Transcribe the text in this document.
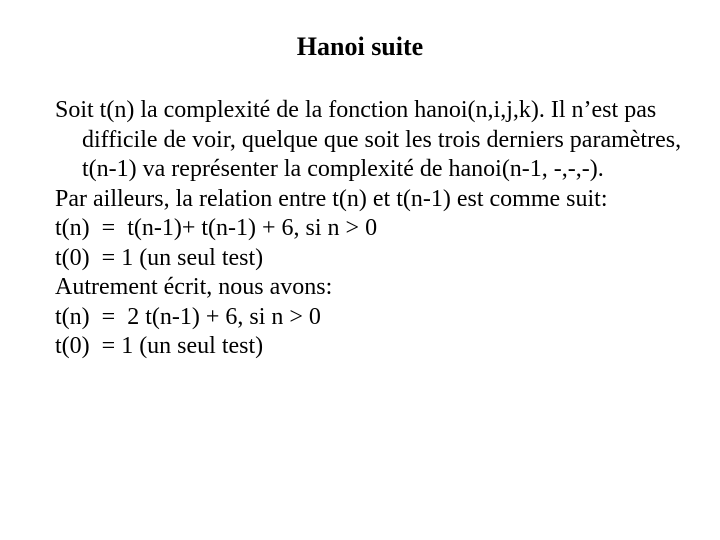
Hanoi suite

Soit t(n) la complexité de la fonction hanoi(n,i,j,k). Il n’est pas difficile de voir, quelque que soit les trois derniers paramètres, t(n-1) va représenter la complexité de hanoi(n-1, -,-,-).

Par ailleurs, la relation entre t(n) et t(n-1) est comme suit:

t(n)  =  t(n-1)+ t(n-1) + 6, si n > 0

t(0)  = 1 (un seul test)

Autrement écrit, nous avons:

t(n)  =  2 t(n-1) + 6, si n > 0

t(0)  = 1 (un seul test)
